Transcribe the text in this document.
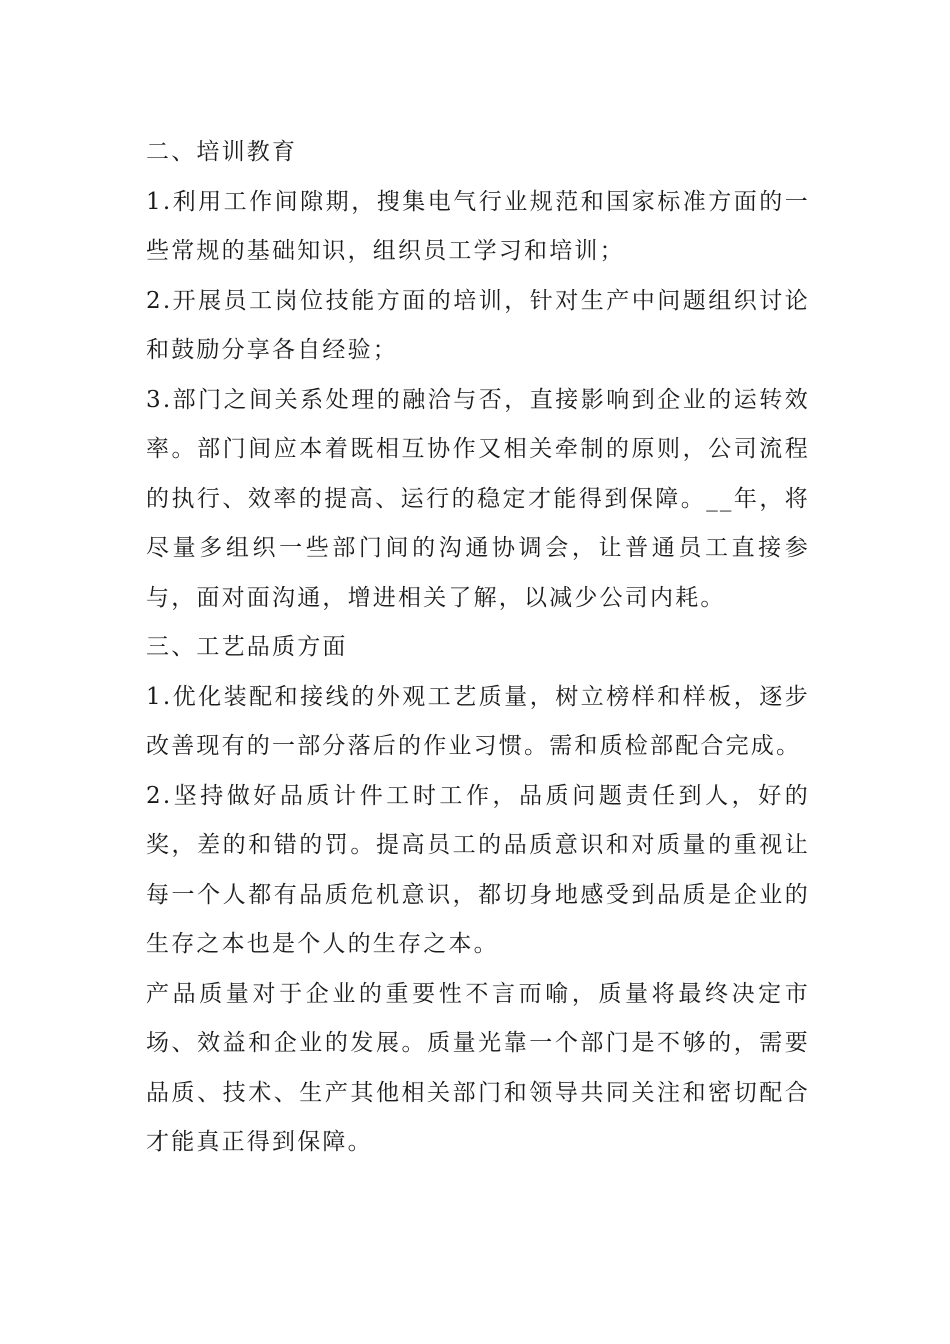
二、培训教育

1.利用工作间隙期，搜集电气行业规范和国家标准方面的一些常规的基础知识，组织员工学习和培训；

2.开展员工岗位技能方面的培训，针对生产中问题组织讨论和鼓励分享各自经验；

3.部门之间关系处理的融洽与否，直接影响到企业的运转效率。部门间应本着既相互协作又相关牵制的原则，公司流程的执行、效率的提高、运行的稳定才能得到保障。__年，将尽量多组织一些部门间的沟通协调会，让普通员工直接参与，面对面沟通，增进相关了解，以减少公司内耗。

三、工艺品质方面

1.优化装配和接线的外观工艺质量，树立榜样和样板，逐步改善现有的一部分落后的作业习惯。需和质检部配合完成。

2.坚持做好品质计件工时工作，品质问题责任到人，好的奖，差的和错的罚。提高员工的品质意识和对质量的重视让每一个人都有品质危机意识，都切身地感受到品质是企业的生存之本也是个人的生存之本。

产品质量对于企业的重要性不言而喻，质量将最终决定市场、效益和企业的发展。质量光靠一个部门是不够的，需要品质、技术、生产其他相关部门和领导共同关注和密切配合才能真正得到保障。
